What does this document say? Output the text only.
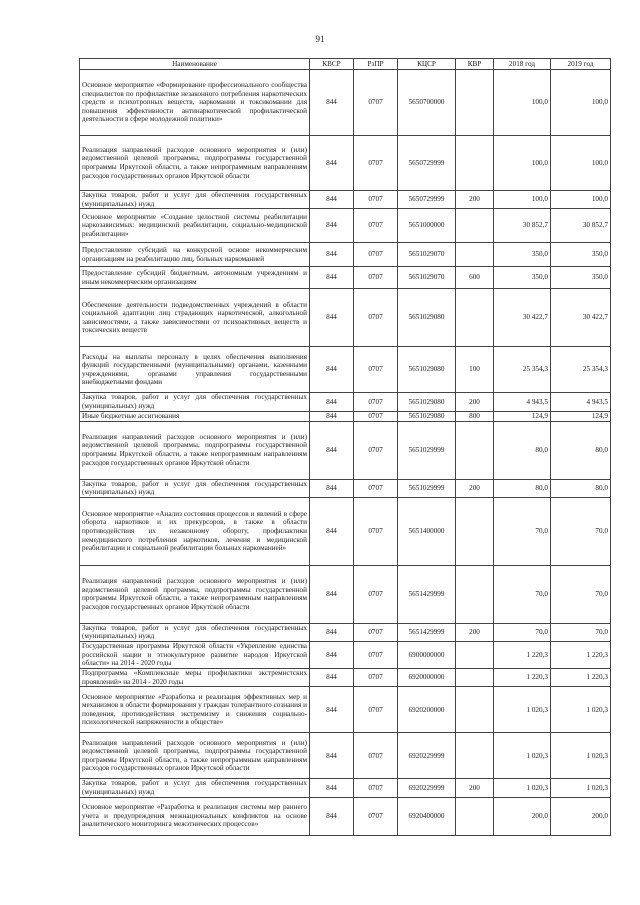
91
Наименование	КВСР	РзПР	КЦСР	КВР	2018 год	2019 год
Основное мероприятие «Формирование профессионального сообщества специалистов по профилактике незаконного потребления наркотических средств и психотропных веществ, наркомании и токсикомании для повышения эффективности антинаркотической профилактической деятельности в сфере молодежной политики»	844	0707	5650700000		100,0	100,0
Реализация направлений расходов основного мероприятия и (или) ведомственной целевой программы, подпрограммы государственной программы Иркутской области, а также непрограммным направлениям расходов государственных органов Иркутской области	844	0707	5650729999		100,0	100,0
Закупка товаров, работ и услуг для обеспечения государственных (муниципальных) нужд	844	0707	5650729999	200	100,0	100,0
Основное мероприятие «Создание целостной системы реабилитации наркозависимых: медицинской реабилитации, социально-медицинской реабилитации»	844	0707	5651000000		30 852,7	30 852,7
Предоставление субсидий на конкурсной основе некоммерческим организациям на реабилитацию лиц, больных наркоманией	844	0707	5651029070		350,0	350,0
Предоставление субсидий бюджетным, автономным учреждениям и иным некоммерческим организациям	844	0707	5651029070	600	350,0	350,0
Обеспечение деятельности подведомственных учреждений в области социальной адаптации лиц страдающих наркотической, алкогольной зависимостями, а также зависимостями от психоактивных веществ и токсических веществ	844	0707	5651029080		30 422,7	30 422,7
Расходы на выплаты персоналу в целях обеспечения выполнения функций государственными (муниципальными) органами, казенными учреждениями, органами управления государственными внебюджетными фондами	844	0707	5651029080	100	25 354,3	25 354,3
Закупка товаров, работ и услуг для обеспечения государственных (муниципальных) нужд	844	0707	5651029080	200	4 943,5	4 943,5
Иные бюджетные ассигнования	844	0707	5651029080	800	124,9	124,9
Реализация направлений расходов основного мероприятия и (или) ведомственной целевой программы, подпрограммы государственной программы Иркутской области, а также непрограммным направлениям расходов государственных органов Иркутской области	844	0707	5651029999		80,0	80,0
Закупка товаров, работ и услуг для обеспечения государственных (муниципальных) нужд	844	0707	5651029999	200	80,0	80,0
Основное мероприятие «Анализ состояния процессов и явлений в сфере оборота наркотиков и их прекурсоров, в также в области противодействия их незаконному обороту, профилактики немедицинского потребления наркотиков, лечения и медицинской реабилитации и социальной реабилитации больных наркоманией»	844	0707	5651400000		70,0	70,0
Реализация направлений расходов основного мероприятия и (или) ведомственной целевой программы, подпрограммы государственной программы Иркутской области, а также непрограммным направлениям расходов государственных органов Иркутской области	844	0707	5651429999		70,0	70,0
Закупка товаров, работ и услуг для обеспечения государственных (муниципальных) нужд	844	0707	5651429999	200	70,0	70,0
Государственная программа Иркутской области «Укрепление единства российской нации и этнокультурное развитие народов Иркутской области» на 2014 - 2020 годы	844	0707	6900000000		1 220,3	1 220,3
Подпрограмма «Комплексные меры профилактики экстремистских проявлений» на 2014 - 2020 годы	844	0707	6920000000		1 220,3	1 220,3
Основное мероприятие «Разработка и реализация эффективных мер и механизмов в области формирования у граждан толерантного сознания и поведения, противодействия экстремизму и снижения социально-психологической напряженности в обществе»	844	0707	6920200000		1 020,3	1 020,3
Реализация направлений расходов основного мероприятия и (или) ведомственной целевой программы, подпрограммы государственной программы Иркутской области, а также непрограммным направлениям расходов государственных органов Иркутской области	844	0707	6920229999		1 020,3	1 020,3
Закупка товаров, работ и услуг для обеспечения государственных (муниципальных) нужд	844	0707	6920229999	200	1 020,3	1 020,3
Основное мероприятие «Разработка и реализация системы мер раннего учета и предупреждения межнациональных конфликтов на основе аналитического мониторинга межэтнических процессов»	844	0707	6920400000		200,0	200,0
